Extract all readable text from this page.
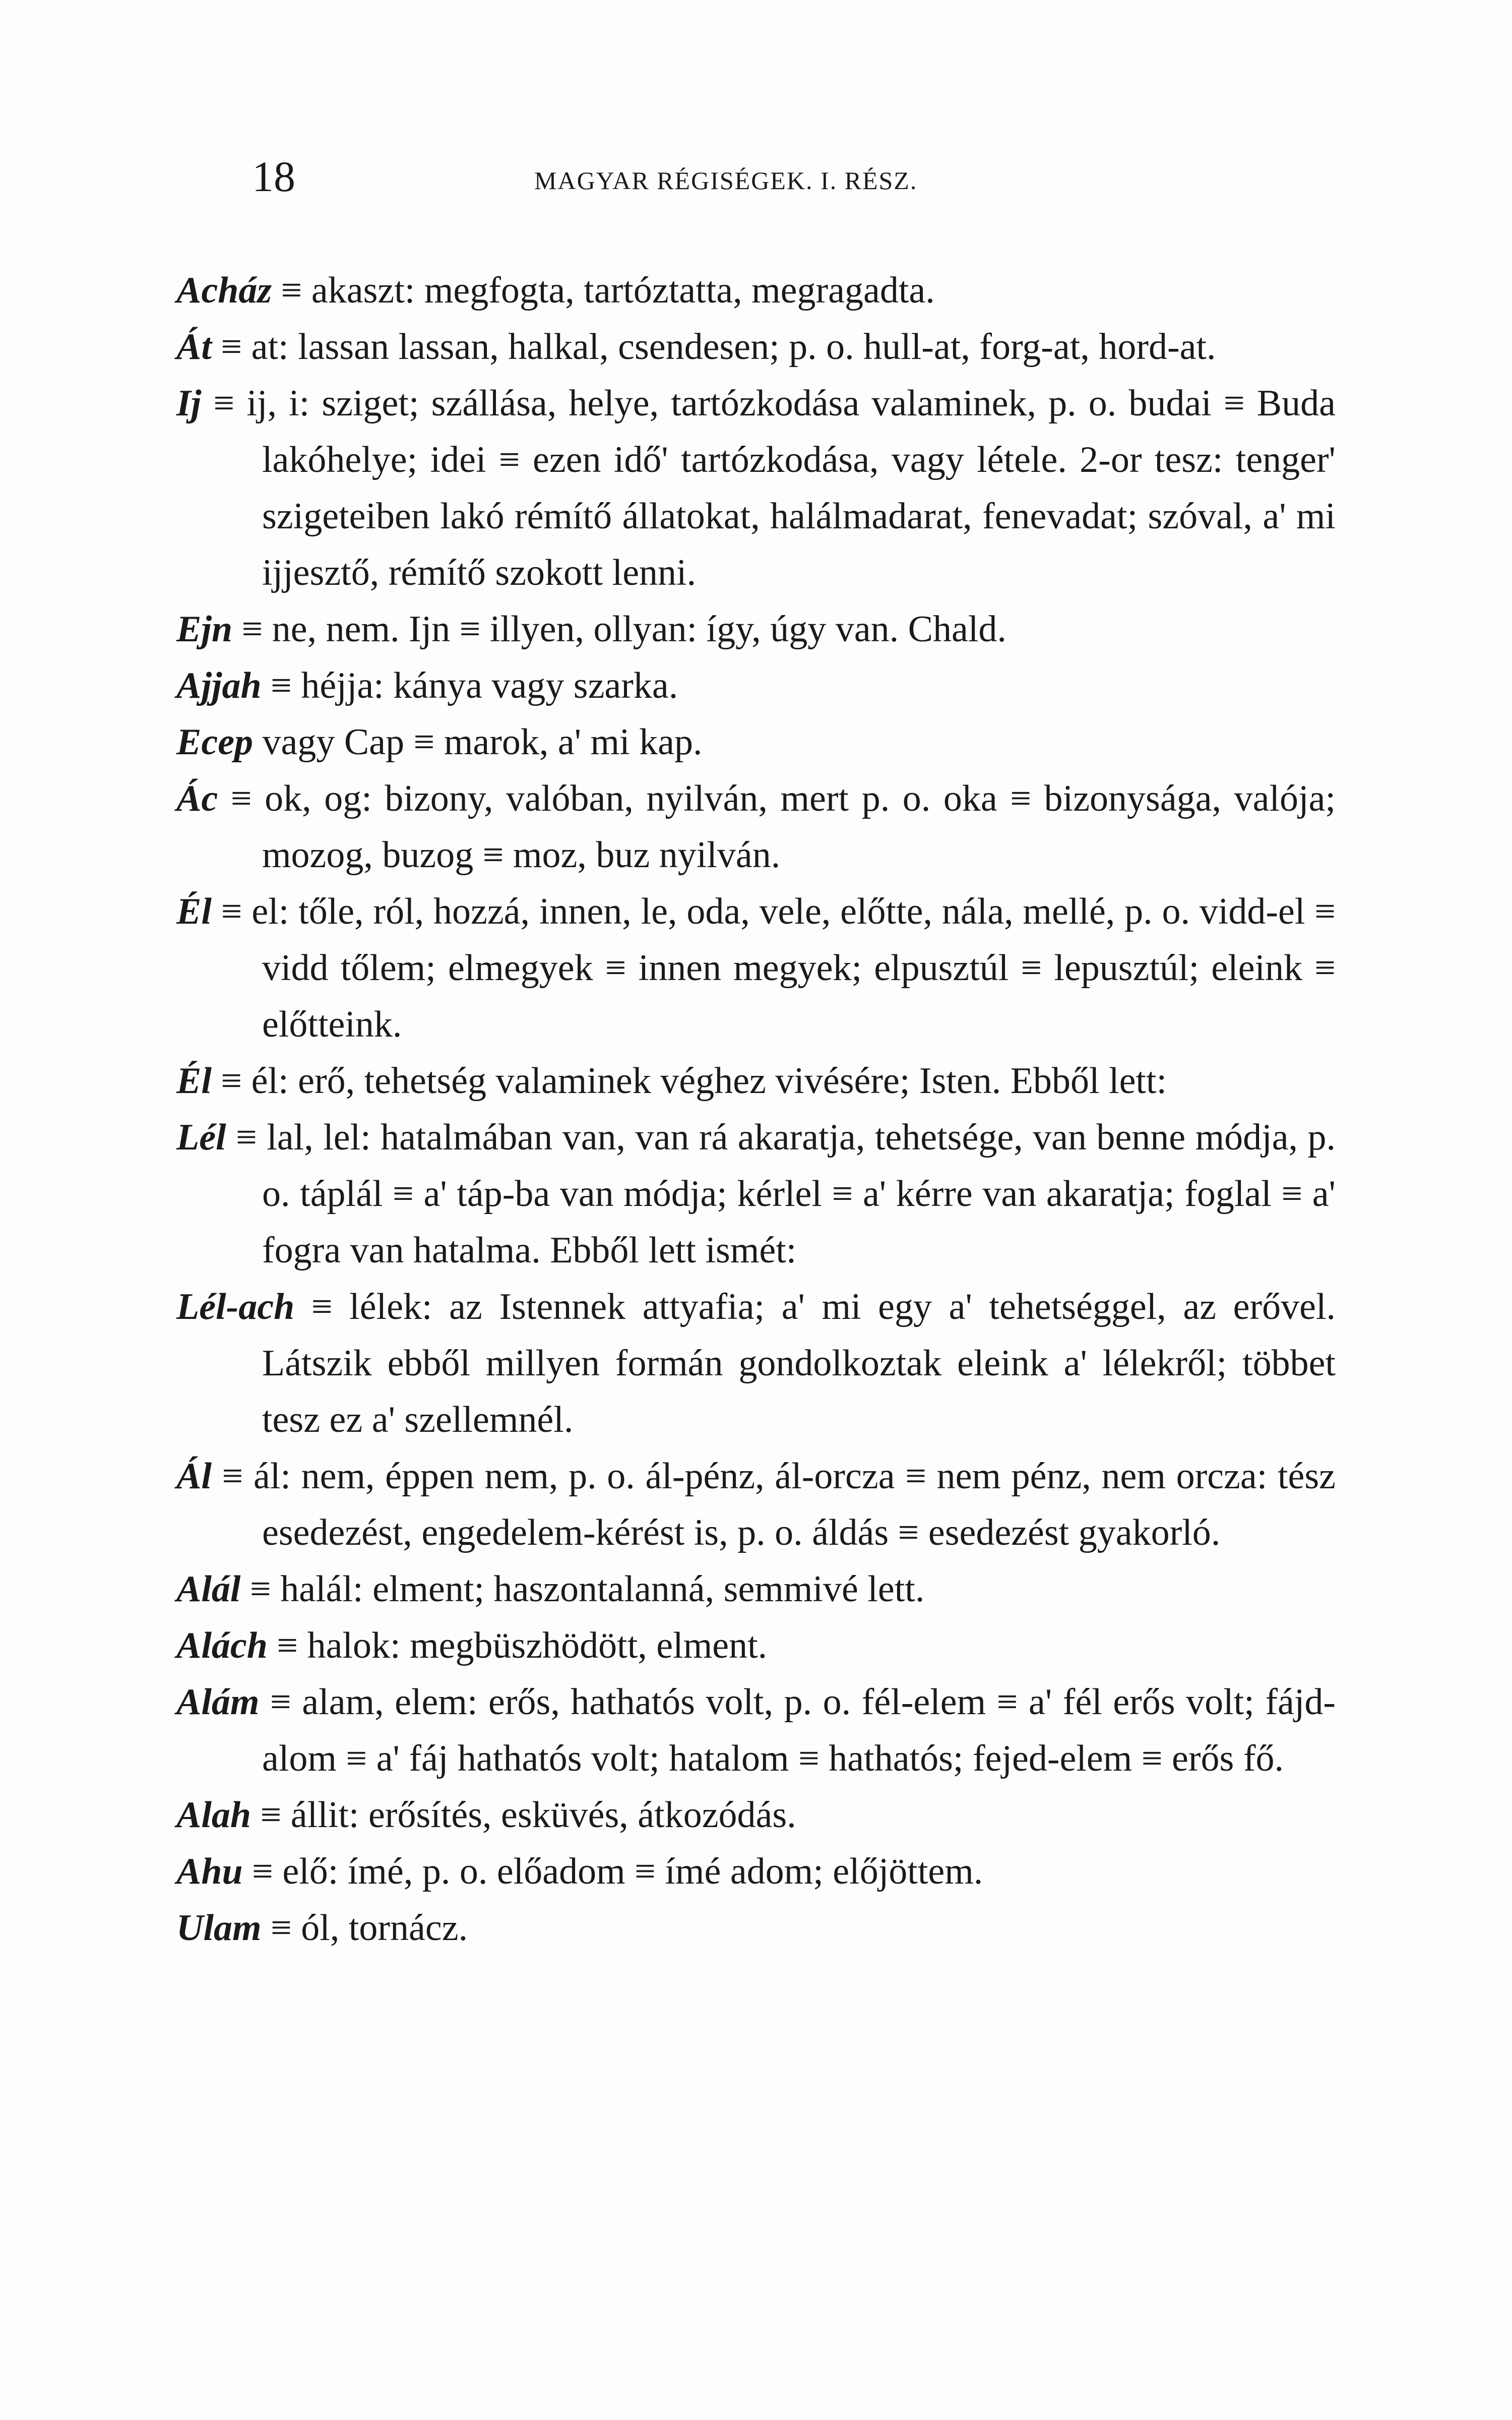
18	MAGYAR RÉGISÉGEK. I. RÉSZ.

Acház ≡ akaszt: megfogta, tartóztatta, megragadta.

Át ≡ at: lassan lassan, halkal, csendesen; p. o. hull-at, forg-at, hord-at.

Ij ≡ ij, i: sziget; szállása, helye, tartózkodása valaminek, p. o. budai ≡ Buda lakóhelye; idei ≡ ezen idő' tartózkodása, vagy létele. 2-or tesz: tenger' szigeteiben lakó rémítő állatokat, halálmadarat, fenevadat; szóval, a' mi ijjesztő, rémítő szokott lenni.

Ejn ≡ ne, nem. Ijn ≡ illyen, ollyan: így, úgy van. Chald.

Ajjah ≡ héjja: kánya vagy szarka.

Ecep vagy Cap ≡ marok, a' mi kap.

Ác ≡ ok, og: bizony, valóban, nyilván, mert p. o. oka ≡ bizonysága, valója; mozog, buzog ≡ moz, buz nyilván.

Él ≡ el: tőle, ról, hozzá, innen, le, oda, vele, előtte, nála, mellé, p. o. vidd-el ≡ vidd tőlem; elmegyek ≡ innen megyek; elpusztúl ≡ lepusztúl; eleink ≡ előtteink.

Él ≡ él: erő, tehetség valaminek véghez vivésére; Isten. Ebből lett:

Lél ≡ lal, lel: hatalmában van, van rá akaratja, tehetsége, van benne módja, p. o. táplál ≡ a' táp-ba van módja; kérlel ≡ a' kérre van akaratja; foglal ≡ a' fogra van hatalma. Ebből lett ismét:

Lél-ach ≡ lélek: az Istennek attyafia; a' mi egy a' tehetséggel, az erővel. Látszik ebből millyen formán gondolkoztak eleink a' lélekről; többet tesz ez a' szellemnél.

Ál ≡ ál: nem, éppen nem, p. o. ál-pénz, ál-orcza ≡ nem pénz, nem orcza: tész esedezést, engedelem-kérést is, p. o. áldás ≡ esedezést gyakorló.

Alál ≡ halál: elment; haszontalanná, semmivé lett.

Alách ≡ halok: megbüszhödött, elment.

Alám ≡ alam, elem: erős, hathatós volt, p. o. fél-elem ≡ a' fél erős volt; fájd-alom ≡ a' fáj hathatós volt; hatalom ≡ hathatós; fejed-elem ≡ erős fő.

Alah ≡ állit: erősítés, esküvés, átkozódás.

Ahu ≡ elő: ímé, p. o. előadom ≡ ímé adom; előjöttem.

Ulam ≡ ól, tornácz.
